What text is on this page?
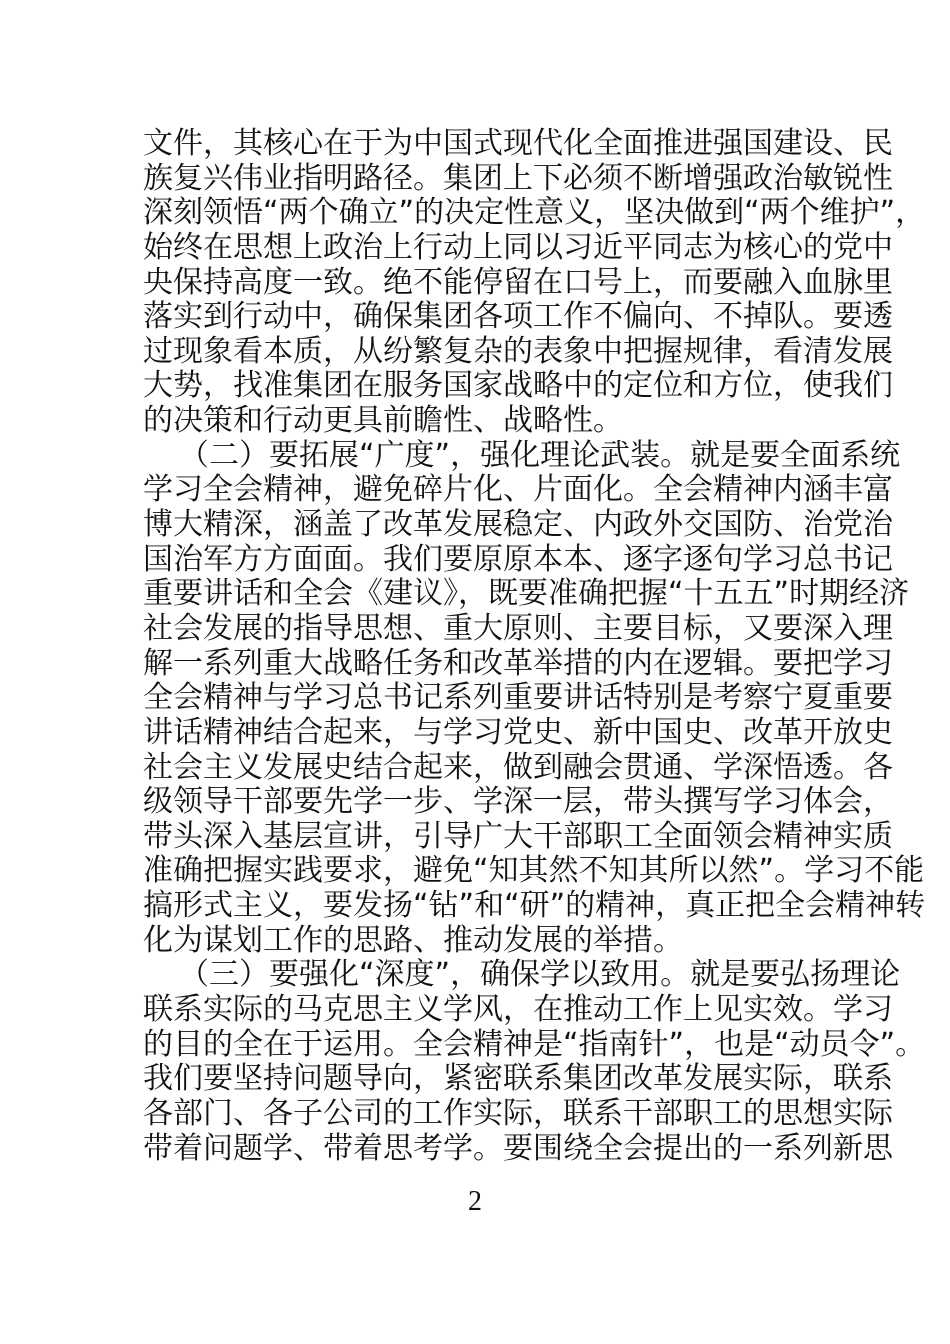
文件，其核心在于为中国式现代化全面推进强国建设、民
族复兴伟业指明路径。集团上下必须不断增强政治敏锐性
深刻领悟“两个确立”的决定性意义，坚决做到“两个维护”，
始终在思想上政治上行动上同以习近平同志为核心的党中
央保持高度一致。绝不能停留在口号上，而要融入血脉里
落实到行动中，确保集团各项工作不偏向、不掉队。要透
过现象看本质，从纷繁复杂的表象中把握规律，看清发展
大势，找准集团在服务国家战略中的定位和方位，使我们
的决策和行动更具前瞻性、战略性。
（二）要拓展“广度”，强化理论武装。就是要全面系统
学习全会精神，避免碎片化、片面化。全会精神内涵丰富
博大精深，涵盖了改革发展稳定、内政外交国防、治党治
国治军方方面面。我们要原原本本、逐字逐句学习总书记
重要讲话和全会《建议》，既要准确把握“十五五”时期经济
社会发展的指导思想、重大原则、主要目标，又要深入理
解一系列重大战略任务和改革举措的内在逻辑。要把学习
全会精神与学习总书记系列重要讲话特别是考察宁夏重要
讲话精神结合起来，与学习党史、新中国史、改革开放史
社会主义发展史结合起来，做到融会贯通、学深悟透。各
级领导干部要先学一步、学深一层，带头撰写学习体会，
带头深入基层宣讲，引导广大干部职工全面领会精神实质
准确把握实践要求，避免“知其然不知其所以然”。学习不能
搞形式主义，要发扬“钻”和“研”的精神，真正把全会精神转
化为谋划工作的思路、推动发展的举措。
（三）要强化“深度”，确保学以致用。就是要弘扬理论
联系实际的马克思主义学风，在推动工作上见实效。学习
的目的全在于运用。全会精神是“指南针”，也是“动员令”。
我们要坚持问题导向，紧密联系集团改革发展实际，联系
各部门、各子公司的工作实际，联系干部职工的思想实际
带着问题学、带着思考学。要围绕全会提出的一系列新思
2
